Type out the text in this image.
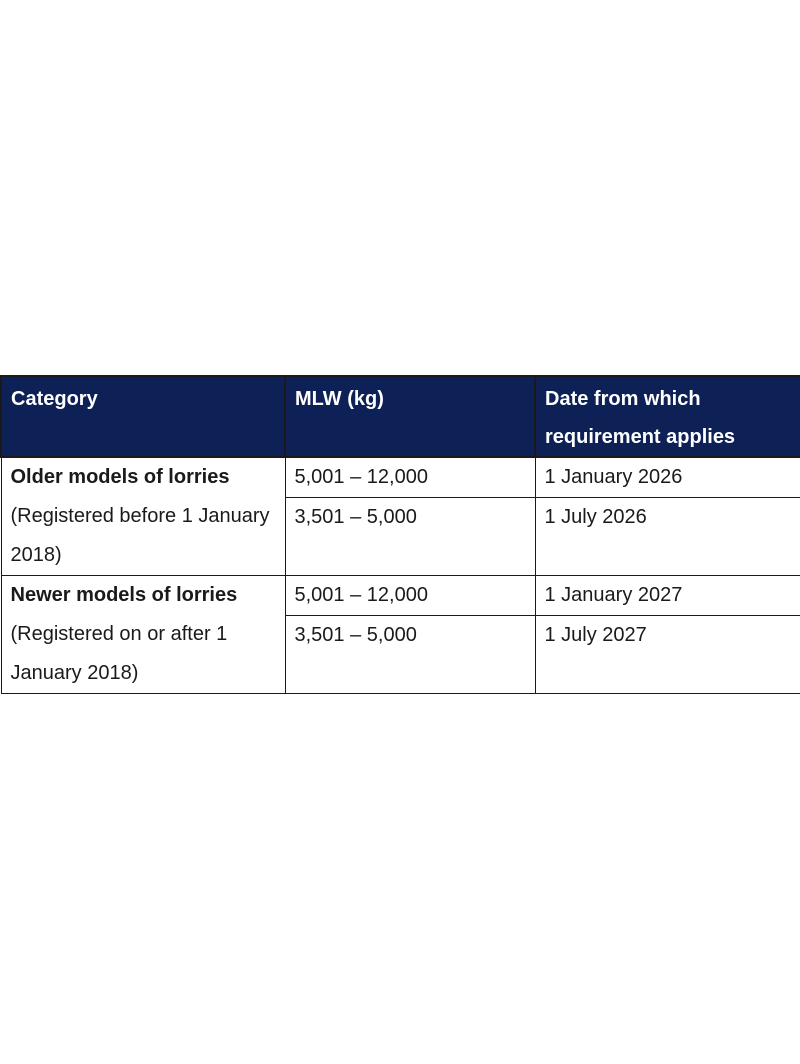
Category	MLW (kg)	Date from which requirement applies

Older models of lorries
(Registered before 1 January 2018)	5,001 – 12,000	1 January 2026
	3,501 – 5,000	1 July 2026

Newer models of lorries
(Registered on or after 1 January 2018)	5,001 – 12,000	1 January 2027
	3,501 – 5,000	1 July 2027
